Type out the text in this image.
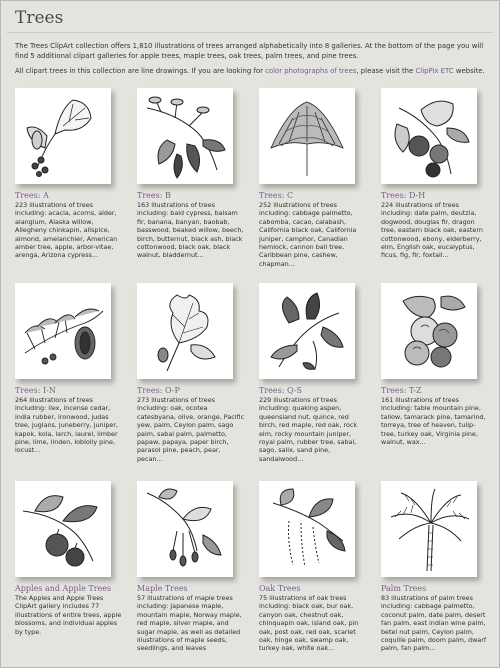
Trees

The Trees ClipArt collection offers 1,810 illustrations of trees arranged alphabetically into 8 galleries. At the bottom of the page you will find 5 additional clipart galleries for apple trees, maple trees, oak trees, palm trees, and pine trees.

All clipart trees in this collection are line drawings. If you are looking for color photographs of trees, please visit the ClipPix ETC website.

Trees: A
223 illustrations of trees including: acacia, acorns, alder, alangium, Alaska willow, Allegheny chinkapin, allspice, almond, amelanchier, American amber tree, apple, arbor-vitae, arenga, Arizona cypress...
Trees: B
163 illustrations of trees including: bald cypress, balsam fir, banana, banyan, baobab, basswood, beaked willow, beech, birch, butternut, black ash, black cottonwood, black oak, black walnut, bladdernut...
Trees: C
252 illustrations of trees including: cabbage palmetto, cabomba, cacao, calabash, California black oak, California juniper, camphor, Canadian hemlock, cannon ball tree, Caribbean pine, cashew, chapman...
Trees: D-H
224 illustrations of trees including: date palm, deutzia, dogwood, douglas fir, dragon tree, eastern black oak, eastern cottonwood, ebony, elderberry, elm, English oak, eucalyptus, ficus, fig, fir, foxtail...
Trees: I-N
264 illustrations of trees including: ilex, incense cedar, india rubber, ironwood, judas tree, juglans, juneberry, juniper, kapok, kola, larch, laurel, limber pine, lime, linden, loblolly pine, locust...
Trees: O-P
273 illustrations of trees including: oak, ocotea catesbyana, olive, orange, Pacific yew, palm, Ceylon palm, sago palm, sabal palm, palmetto, papaw, papaya, paper birch, parasol pine, peach, pear, pecan...
Trees: Q-S
229 illustrations of trees including: quaking aspen, queensland nut, quince, red birch, red maple, red oak, rock elm, rocky mountain juniper, royal palm, rubber tree, sabal, sago, salix, sand pine, sandalwood...
Trees: T-Z
161 illustrations of trees including: table mountain pine, tallow, tamarack pine, tamarind, torreya, tree of heaven, tulip-tree, turkey oak, Virginia pine, walnut, wax...
Apples and Apple Trees
The Apples and Apple Trees ClipArt gallery includes 77 illustrations of entire trees, apple blossoms, and individual apples by type.
Maple Trees
57 illustrations of maple trees including: Japanese maple, mountain maple, Norway maple, red maple, silver maple, and sugar maple, as well as detailed illustrations of maple seeds, seedlings, and leaves
Oak Trees
75 illustrations of oak trees including: black oak, bur oak, canyon oak, chestnut oak, chinquapin oak, island oak, pin oak, post oak, red oak, scarlet oak, hinge oak, swamp oak, turkey oak, white oak...
Palm Trees
83 illustrations of palm trees including: cabbage palmetto, coconut palm, date palm, desert fan palm, east indian wine palm, betel nut palm, Ceylon palm, coquille palm, doom palm, dwarf palm, fan palm...
